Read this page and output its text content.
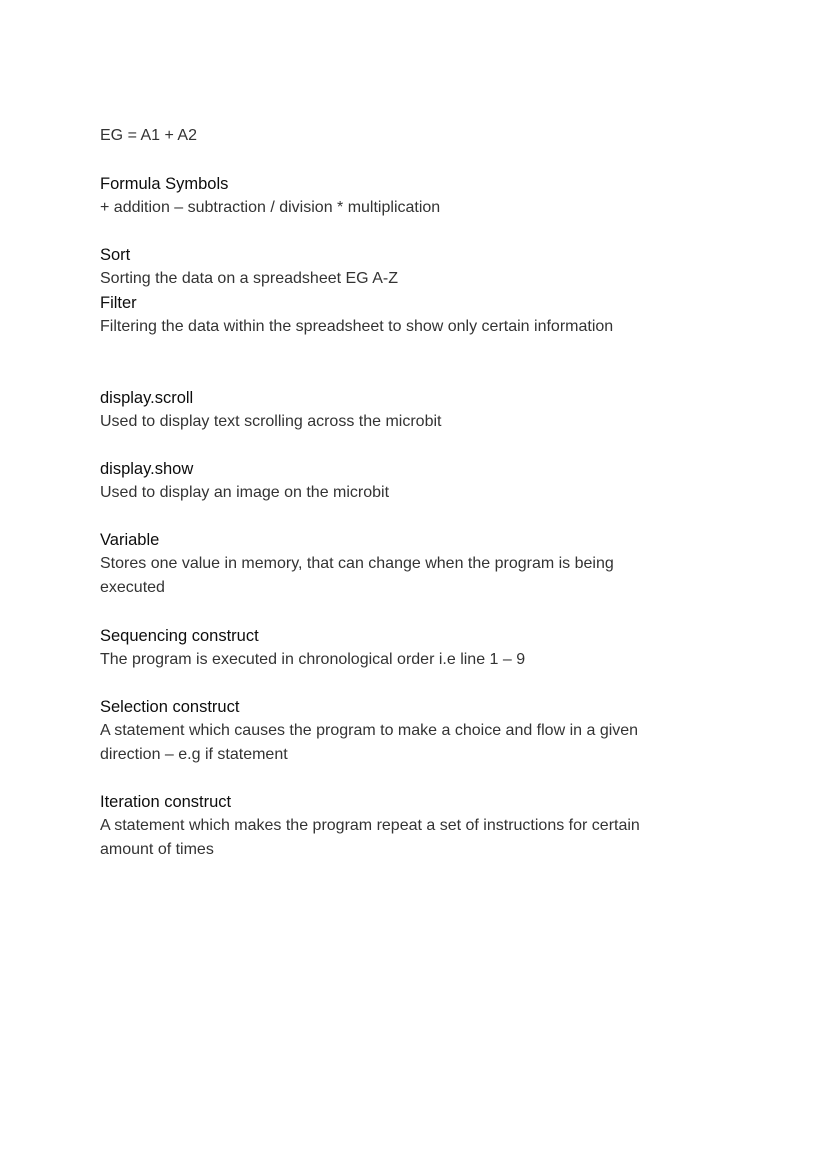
EG = A1 + A2
Formula Symbols
+ addition – subtraction / division * multiplication
Sort
Sorting the data on a spreadsheet EG A-Z
Filter
Filtering the data within the spreadsheet to show only certain information
display.scroll
Used to display text scrolling across the microbit
display.show
Used to display an image on the microbit
Variable
Stores one value in memory, that can change when the program is being
executed
Sequencing construct
The program is executed in chronological order i.e line 1 – 9
Selection construct
A statement which causes the program to make a choice and flow in a given
direction – e.g if statement
Iteration construct
A statement which makes the program repeat a set of instructions for certain
amount of times
